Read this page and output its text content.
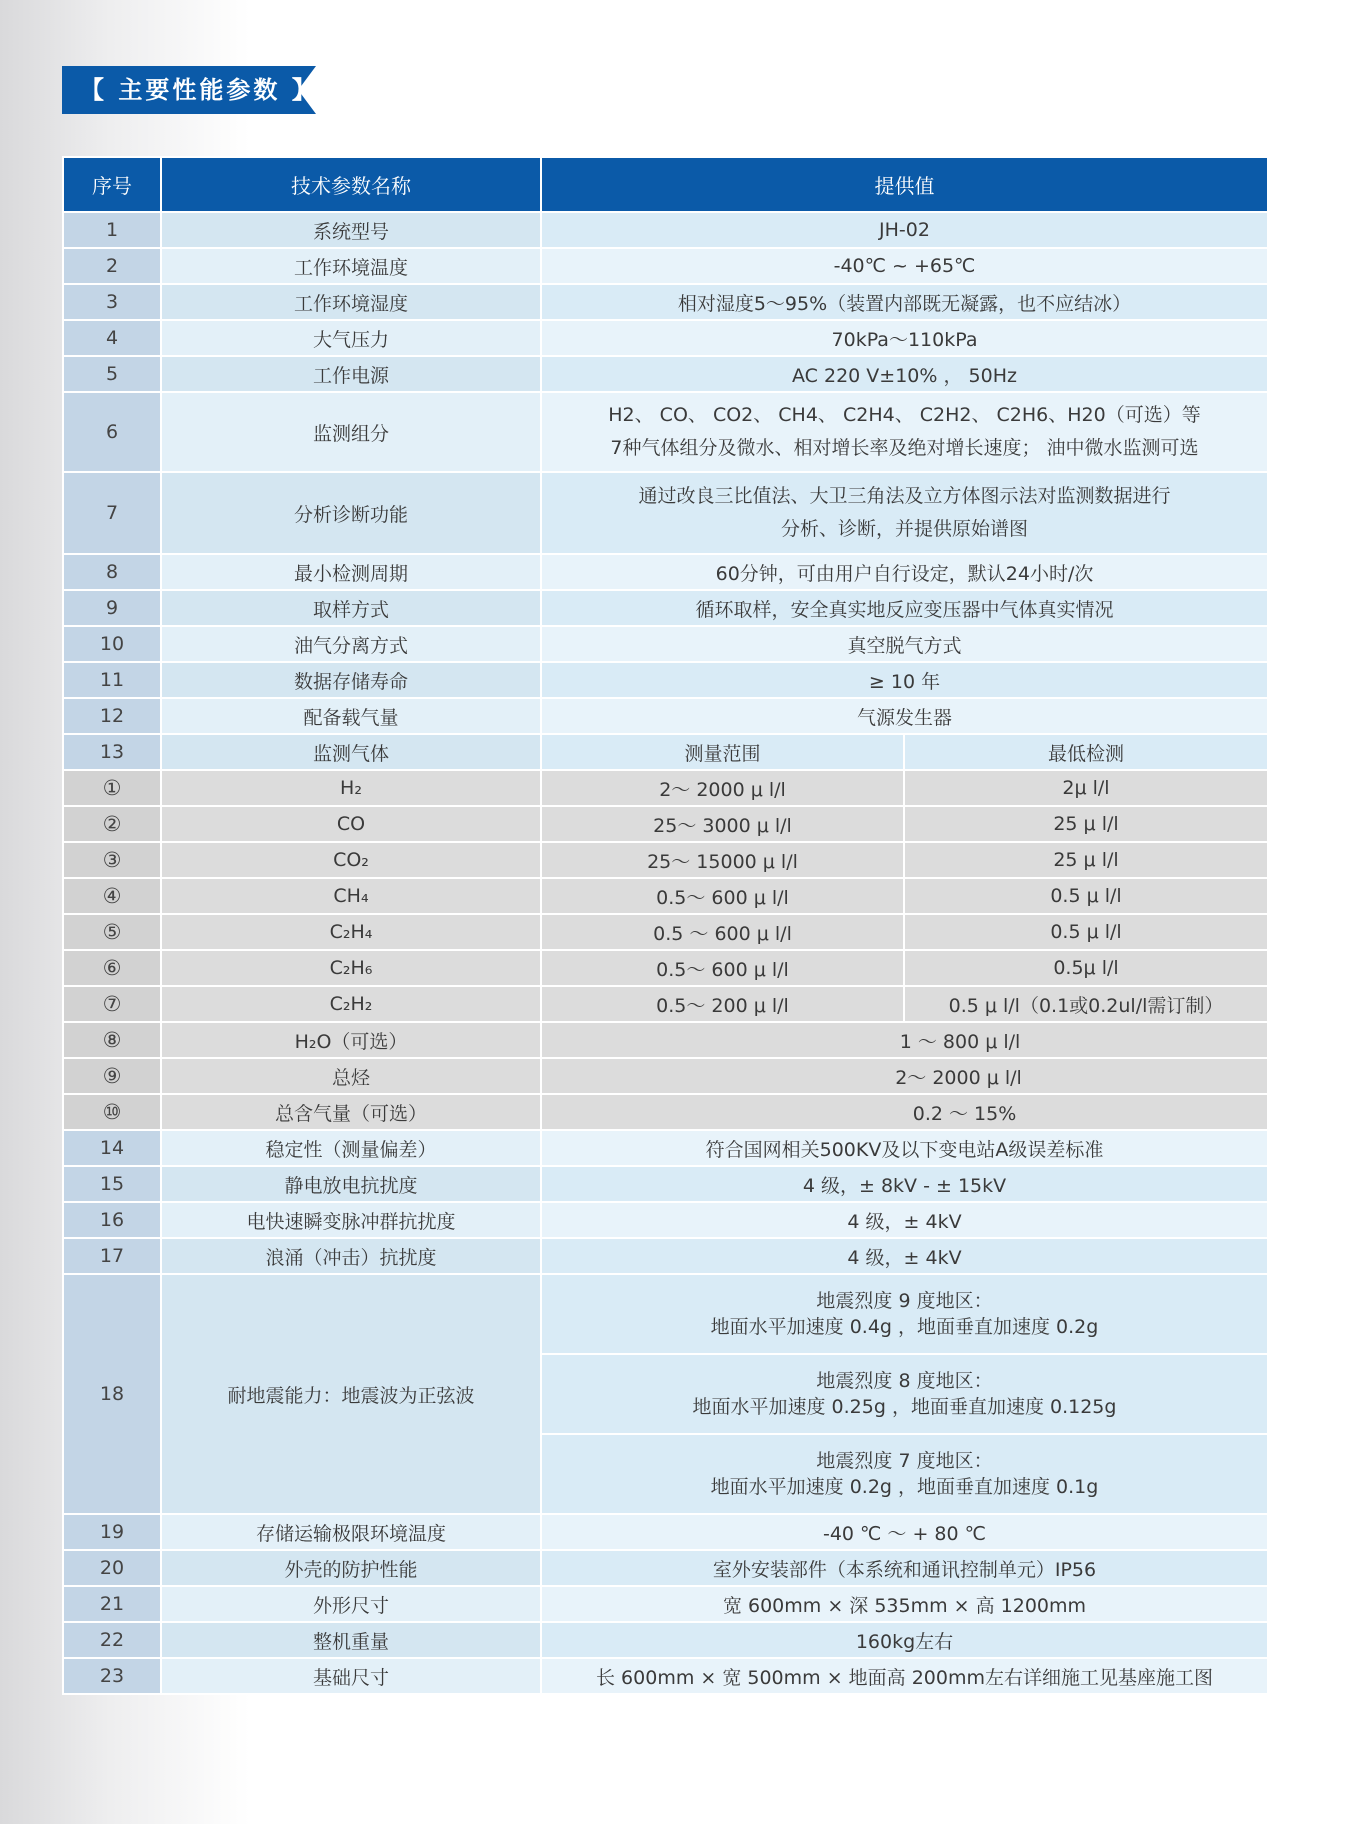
【 主要性能参数 】
序号	技术参数名称	提供值	
1	系统型号	JH-02	
2	工作环境温度	-40℃ ~ +65℃	
3	工作环境湿度	相对湿度5～95%（装置内部既无凝露，也不应结冰）	
4	大气压力	70kPa～110kPa	
5	工作电源	AC 220 V±10% ， 50Hz	
6	监测组分	H2、 CO、 CO2、 CH4、 C2H4、 C2H2、 C2H6、H20（可选）等
7种气体组分及微水、相对增长率及绝对增长速度； 油中微水监测可选	

7	分析诊断功能	通过改良三比值法、大卫三角法及立方体图示法对监测数据进行
分析、诊断，并提供原始谱图	

8	最小检测周期	60分钟，可由用户自行设定，默认24小时/次	
9	取样方式	循环取样，安全真实地反应变压器中气体真实情况	
10	油气分离方式	真空脱气方式	
11	数据存储寿命	≥ 10 年	
12	配备载气量	气源发生器	
13	监测气体	测量范围	最低检测
①	H₂	2～ 2000 μ l/l	2μ l/l
②	CO	25～ 3000 μ l/l	25 μ l/l
③	CO₂	25～ 15000 μ l/l	25 μ l/l
④	CH₄	0.5～ 600 μ l/l	0.5 μ l/l
⑤	C₂H₄	0.5 ～ 600 μ l/l	0.5 μ l/l
⑥	C₂H₆	0.5～ 600 μ l/l	0.5μ l/l
⑦	C₂H₂	0.5～ 200 μ l/l	0.5 μ l/l（0.1或0.2ul/l需订制）
⑧	H₂O（可选）	1 ～ 800 μ l/l	
⑨	总烃	2～ 2000 μ l/l	
⑩	总含气量（可选）	0.2 ～ 15%	
14	稳定性（测量偏差）	符合国网相关500KV及以下变电站A级误差标准	
15	静电放电抗扰度	4 级，± 8kV - ± 15kV	
16	电快速瞬变脉冲群抗扰度	4 级，± 4kV	
17	浪涌（冲击）抗扰度	4 级，± 4kV	
18	耐地震能力：地震波为正弦波	地震烈度 9 度地区：
地面水平加速度 0.4g ，地面垂直加速度 0.2g	

		地震烈度 8 度地区：
地面水平加速度 0.25g ，地面垂直加速度 0.125g	

		地震烈度 7 度地区：
地面水平加速度 0.2g ，地面垂直加速度 0.1g	

19	存储运输极限环境温度	-40 ℃ ～ + 80 ℃	
20	外壳的防护性能	室外安装部件（本系统和通讯控制单元）IP56	
21	外形尺寸	宽 600mm × 深 535mm × 高 1200mm	
22	整机重量	160kg左右	
23	基础尺寸	长 600mm × 宽 500mm × 地面高 200mm左右详细施工见基座施工图	
